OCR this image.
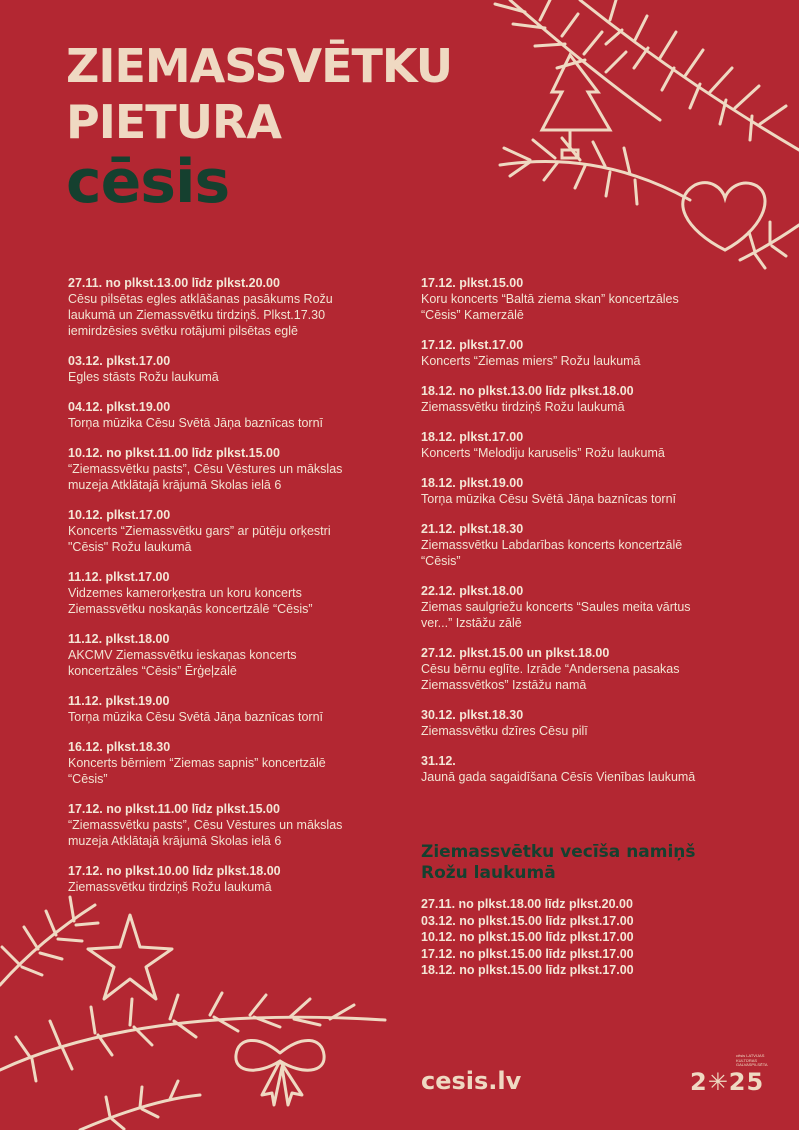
ZIEMASSVĒTKU
PIETURA
cēsis
27.11. no plkst.13.00 līdz plkst.20.00
Cēsu pilsētas egles atklāšanas pasākums Rožu laukumā un Ziemassvētku tirdziņš. Plkst.17.30 iemirdzēsies svētku rotājumi pilsētas eglē
03.12. plkst.17.00
Egles stāsts Rožu laukumā
04.12. plkst.19.00
Torņa mūzika Cēsu Svētā Jāņa baznīcas tornī
10.12. no plkst.11.00 līdz plkst.15.00
“Ziemassvētku pasts”, Cēsu Vēstures un mākslas muzeja Atklātajā krājumā Skolas ielā 6
10.12. plkst.17.00
Koncerts “Ziemassvētku gars” ar pūtēju orķestri "Cēsis" Rožu laukumā
11.12. plkst.17.00
Vidzemes kamerorķestra un koru koncerts Ziemassvētku noskaņās koncertzālē “Cēsis”
11.12. plkst.18.00
AKCMV Ziemassvētku ieskaņas koncerts koncertzāles “Cēsis” Ērģeļzālē
11.12. plkst.19.00
Torņa mūzika Cēsu Svētā Jāņa baznīcas tornī
16.12. plkst.18.30
Koncerts bērniem “Ziemas sapnis” koncertzālē “Cēsis”
17.12. no plkst.11.00 līdz plkst.15.00
“Ziemassvētku pasts”, Cēsu Vēstures un mākslas muzeja Atklātajā krājumā Skolas ielā 6
17.12. no plkst.10.00 līdz plkst.18.00
Ziemassvētku tirdziņš Rožu laukumā
17.12. plkst.15.00
Koru koncerts “Baltā ziema skan” koncertzāles “Cēsis” Kamerzālē
17.12. plkst.17.00
Koncerts “Ziemas miers” Rožu laukumā
18.12. no plkst.13.00 līdz plkst.18.00
Ziemassvētku tirdziņš Rožu laukumā
18.12. plkst.17.00
Koncerts “Melodiju karuselis” Rožu laukumā
18.12. plkst.19.00
Torņa mūzika Cēsu Svētā Jāņa baznīcas tornī
21.12. plkst.18.30
Ziemassvētku Labdarības koncerts koncertzālē “Cēsis”
22.12. plkst.18.00
Ziemas saulgriežu koncerts “Saules meita vārtus ver...” Izstāžu zālē
27.12. plkst.15.00 un plkst.18.00
Cēsu bērnu eglīte. Izrāde “Andersena pasakas Ziemassvētkos” Izstāžu namā
30.12. plkst.18.30
Ziemassvētku dzīres Cēsu pilī
31.12.
Jaunā gada sagaidīšana Cēsīs Vienības laukumā
Ziemassvētku vecīša namiņš
Rožu laukumā
27.11. no plkst.18.00 līdz plkst.20.00
03.12. no plkst.15.00 līdz plkst.17.00
10.12. no plkst.15.00 līdz plkst.17.00
17.12. no plkst.15.00 līdz plkst.17.00
18.12. no plkst.15.00 līdz plkst.17.00
cesis.lv
cēsis LATVIJAS KULTŪRAS GALVASPILSĒTA
2✳25
